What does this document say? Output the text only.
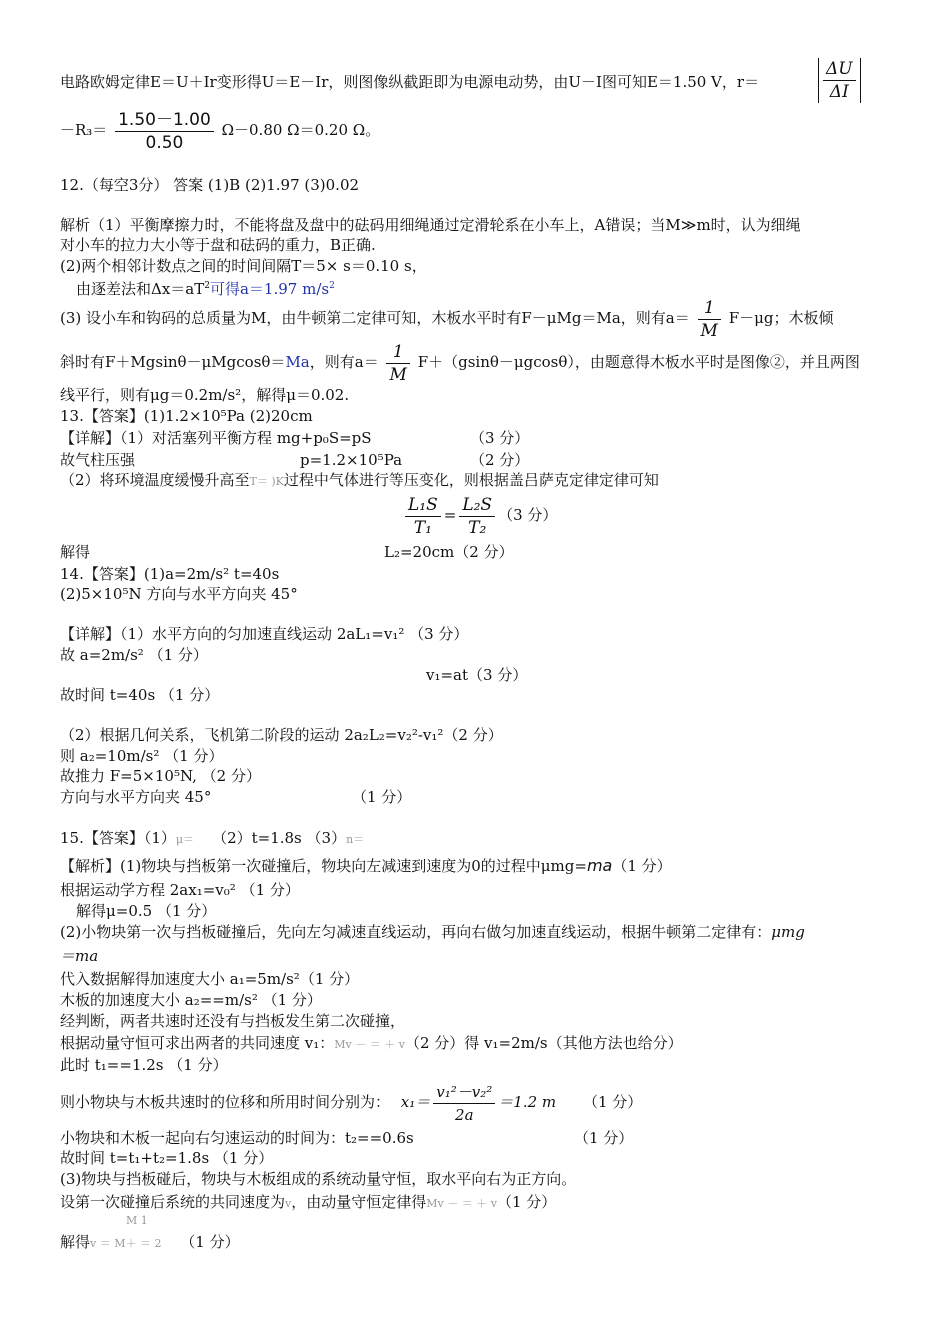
电路欧姆定律E＝U＋Ir变形得U＝E－Ir，则图像纵截距即为电源电动势，由U－I图可知E＝1.50 V，r＝	$\frac{\Delta U}{\Delta I}$
$-R_3= \frac{1.50-1.00}{0.50} \Omega-0.80$ Ω＝0.20 Ω。
12.（每空3分） 答案 (1)B (2)1.97 (3)0.02
解析（1）平衡摩擦力时，不能将盘及盘中的砝码用细绳通过定滑轮系在小车上，A错误；当M≫m时，认为细绳
对小车的拉力大小等于盘和砝码的重力，B正确.
(2)两个相邻计数点之间的时间间隔T＝5× s＝0.10 s，
由逐差法和$\Delta x=aT^2$可得a＝1.97 $m/s^2$
(3) 设小车和钩码的总质量为M，由牛顿第二定律可知，木板水平时有F－μMg＝Ma，则有$a= \frac{1}{M} F-\mu g$；木板倾
斜时有F＋Mgsinθ－μMgcosθ＝Ma，则有$a= \frac{1}{M} F+(gsin\theta-\mu gcos\theta)$，由题意得木板水平时是图像②，并且两图
线平行，则有μg＝0.2m/s²，解得μ＝0.02.
13.【答案】(1)1.2×10⁵Pa (2)20cm
【详解】（1）对活塞列平衡方程 mg+p₀S=pS	（3 分）
故气柱压强	p=1.2×10⁵Pa	（2 分）
（2）将环境温度缓慢升高至T＝ )K过程中气体进行等压变化，则根据盖吕萨克定律定律可知
$\frac{\text{L₁S}}{\text{T₁}} = \frac{\text{L₂S}}{\text{T₂}} (3$ 分）
解得	L₂=20cm（2 分）
14.【答案】(1)a=2m/s² t=40s
(2)5×10⁵N 方向与水平方向夹 45°
【详解】（1）水平方向的匀加速直线运动 2aL₁=v₁² （3 分）
故 a=2m/s² （1 分）
v₁=at（3 分）
故时间 t=40s （1 分）
（2）根据几何关系，飞机第二阶段的运动 2a₂L₂=v₂²-v₁²（2 分）
则 a₂=10m/s² （1 分）
故推力 F=5×10⁵N, （2 分）
方向与水平方向夹 45°	（1 分）
15.【答案】（1）μ＝ （2）t=1.8s （3）n＝
【解析】(1)物块与挡板第一次碰撞后，物块向左减速到速度为0的过程中μmg=ma（1 分）
根据运动学方程 2ax₁=v₀² （1 分）
解得μ=0.5 （1 分）
(2)小物块第一次与挡板碰撞后，先向左匀减速直线运动，再向右做匀加速直线运动，根据牛顿第二定律有：μmg
＝ma
代入数据解得加速度大小 a₁=5m/s²（1 分）
木板的加速度大小 a₂==m/s² （1 分）
经判断，两者共速时还没有与挡板发生第二次碰撞，
根据动量守恒可求出两者的共同速度 v₁：Mv － ＝ ＋ v（2 分）得 v₁=2m/s（其他方法也给分）
此时 t₁==1.2s （1 分）
则小物块与木板共速时的位移和所用时间分别为： $x_1= \frac{\text{v₁²－v₂²}}{2a} =1.2$ m （1 分）
小物块和木板一起向右匀速运动的时间为：t₂==0.6s	（1 分）
故时间 t=t₁+t₂=1.8s （1 分）
(3)物块与挡板碰后，物块与木板组成的系统动量守恒，取水平向右为正方向。
设第一次碰撞后系统的共同速度为v，由动量守恒定律得Mv － ＝ ＋ v（1 分）
M 1
解得v ＝ M＋ ＝ 2 （1 分）
